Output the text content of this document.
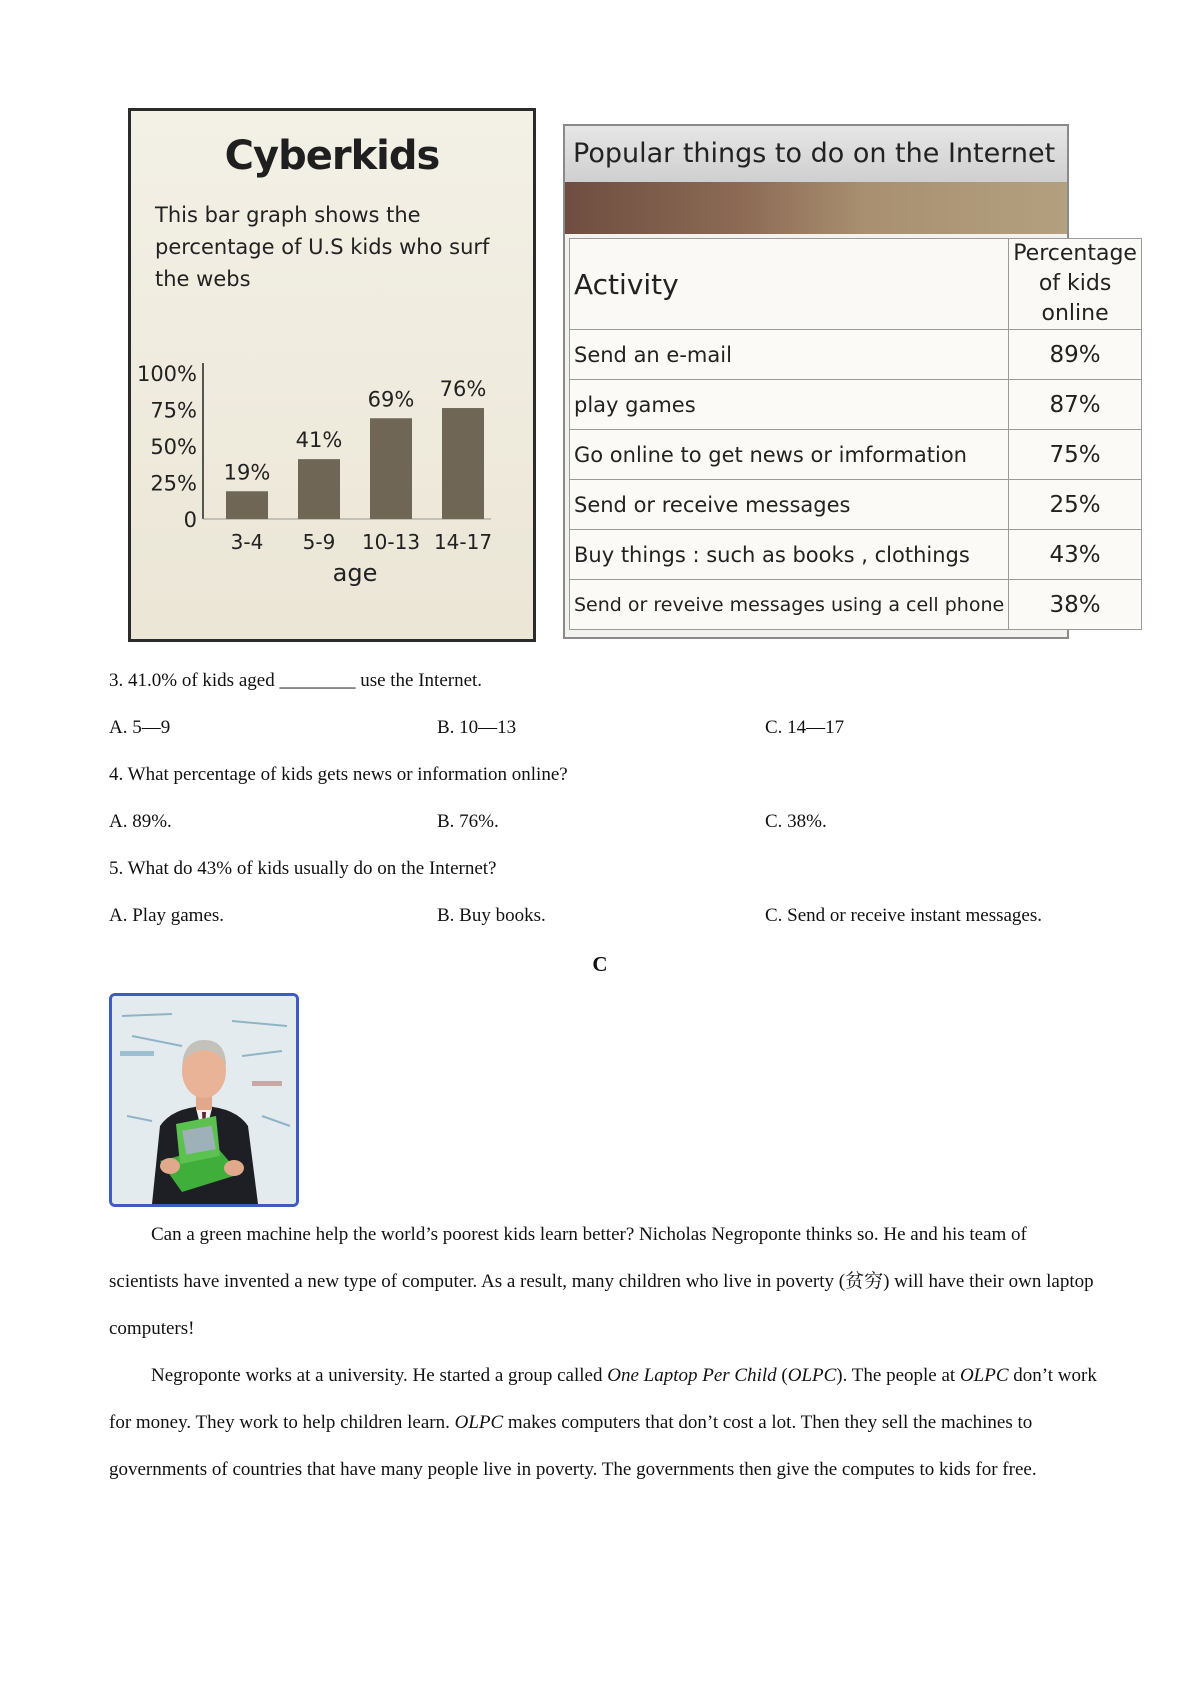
Cyberkids
This bar graph shows the percentage of U.S kids who surf the webs
0
25%
50%
75%
100%
19%
3-4
41%
5-9
69%
10-13
76%
14-17
age
Popular things to do on the Internet
Activity	Percentage
of kids online
Send an e-mail	89%
play games	87%
Go online to get news or imformation	75%
Send or receive messages	25%
Buy things : such as books , clothings	43%
Send or reveive messages using a cell phone	38%
3. 41.0% of kids aged ________ use the Internet.
A. 5—9	B. 10—13	C. 14—17
4. What percentage of kids gets news or information online?
A. 89%.	B. 76%.	C. 38%.
5. What do 43% of kids usually do on the Internet?
A. Play games.	B. Buy books.	C. Send or receive instant messages.
C

Can a green machine help the world’s poorest kids learn better? Nicholas Negroponte thinks so. He and his team of scientists have invented a new type of computer. As a result, many children who live in poverty (贫穷) will have their own laptop computers!

Negroponte works at a university. He started a group called One Laptop Per Child (OLPC). The people at OLPC don’t work for money. They work to help children learn. OLPC makes computers that don’t cost a lot. Then they sell the machines to governments of countries that have many people live in poverty. The governments then give the computes to kids for free.
